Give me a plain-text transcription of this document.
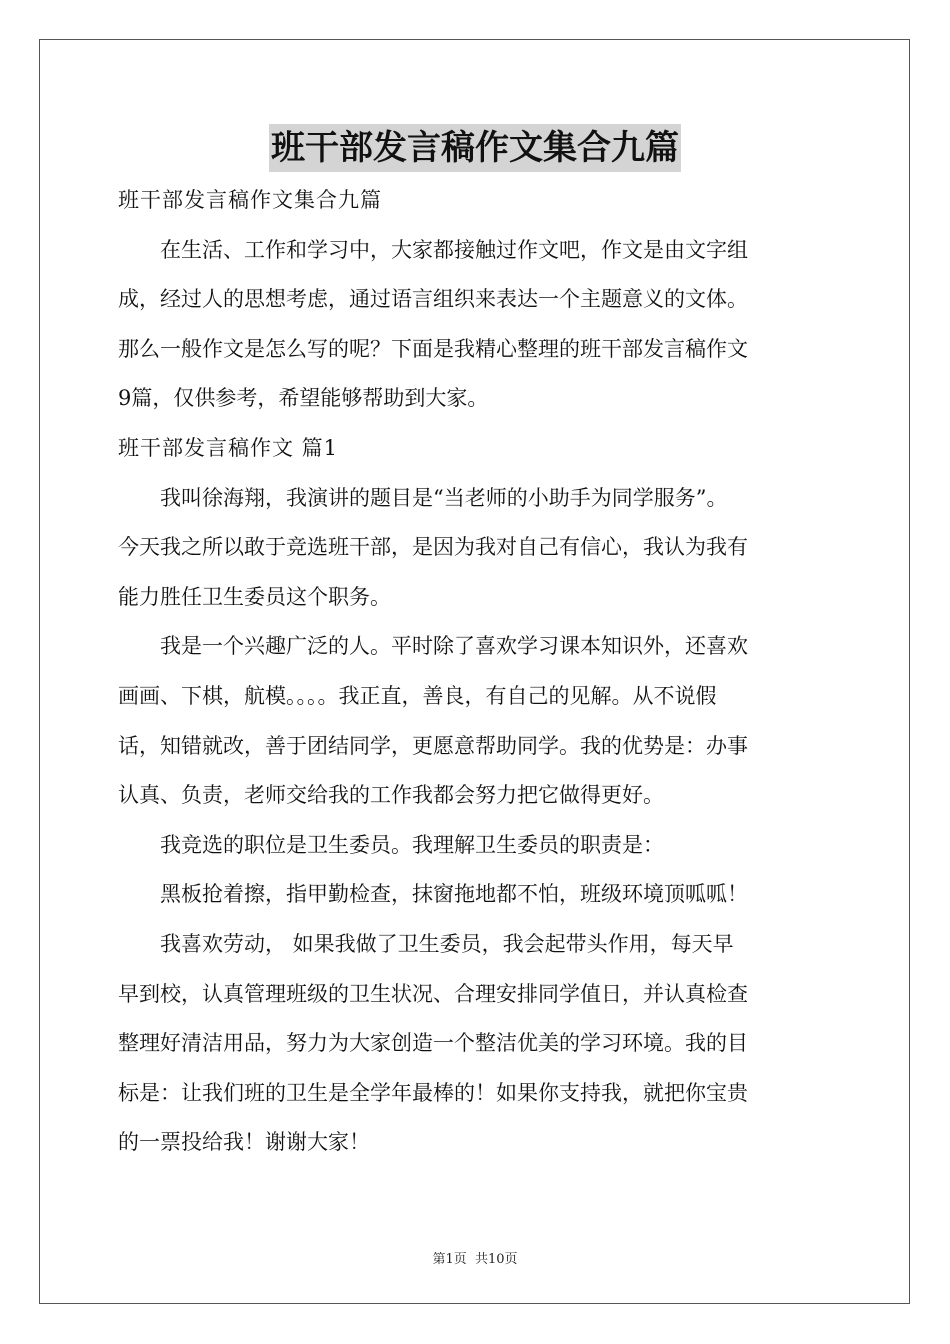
班干部发言稿作文集合九篇

班干部发言稿作文集合九篇

　　在生活、工作和学习中，大家都接触过作文吧，作文是由文字组

成，经过人的思想考虑，通过语言组织来表达一个主题意义的文体。

那么一般作文是怎么写的呢？下面是我精心整理的班干部发言稿作文

9篇，仅供参考，希望能够帮助到大家。

班干部发言稿作文 篇1

　　我叫徐海翔，我演讲的题目是“当老师的小助手为同学服务”。

今天我之所以敢于竞选班干部，是因为我对自己有信心，我认为我有

能力胜任卫生委员这个职务。

　　我是一个兴趣广泛的人。平时除了喜欢学习课本知识外，还喜欢

画画、下棋，航模。。。。我正直，善良，有自己的见解。从不说假

话，知错就改，善于团结同学，更愿意帮助同学。我的优势是：办事

认真、负责，老师交给我的工作我都会努力把它做得更好。

　　我竞选的职位是卫生委员。我理解卫生委员的职责是：

　　黑板抢着擦，指甲勤检查，抹窗拖地都不怕，班级环境顶呱呱！

　　我喜欢劳动， 如果我做了卫生委员，我会起带头作用，每天早

早到校，认真管理班级的卫生状况、合理安排同学值日，并认真检查

整理好清洁用品，努力为大家创造一个整洁优美的学习环境。我的目

标是：让我们班的卫生是全学年最棒的！如果你支持我，就把你宝贵

的一票投给我！谢谢大家！

第1页 共10页
